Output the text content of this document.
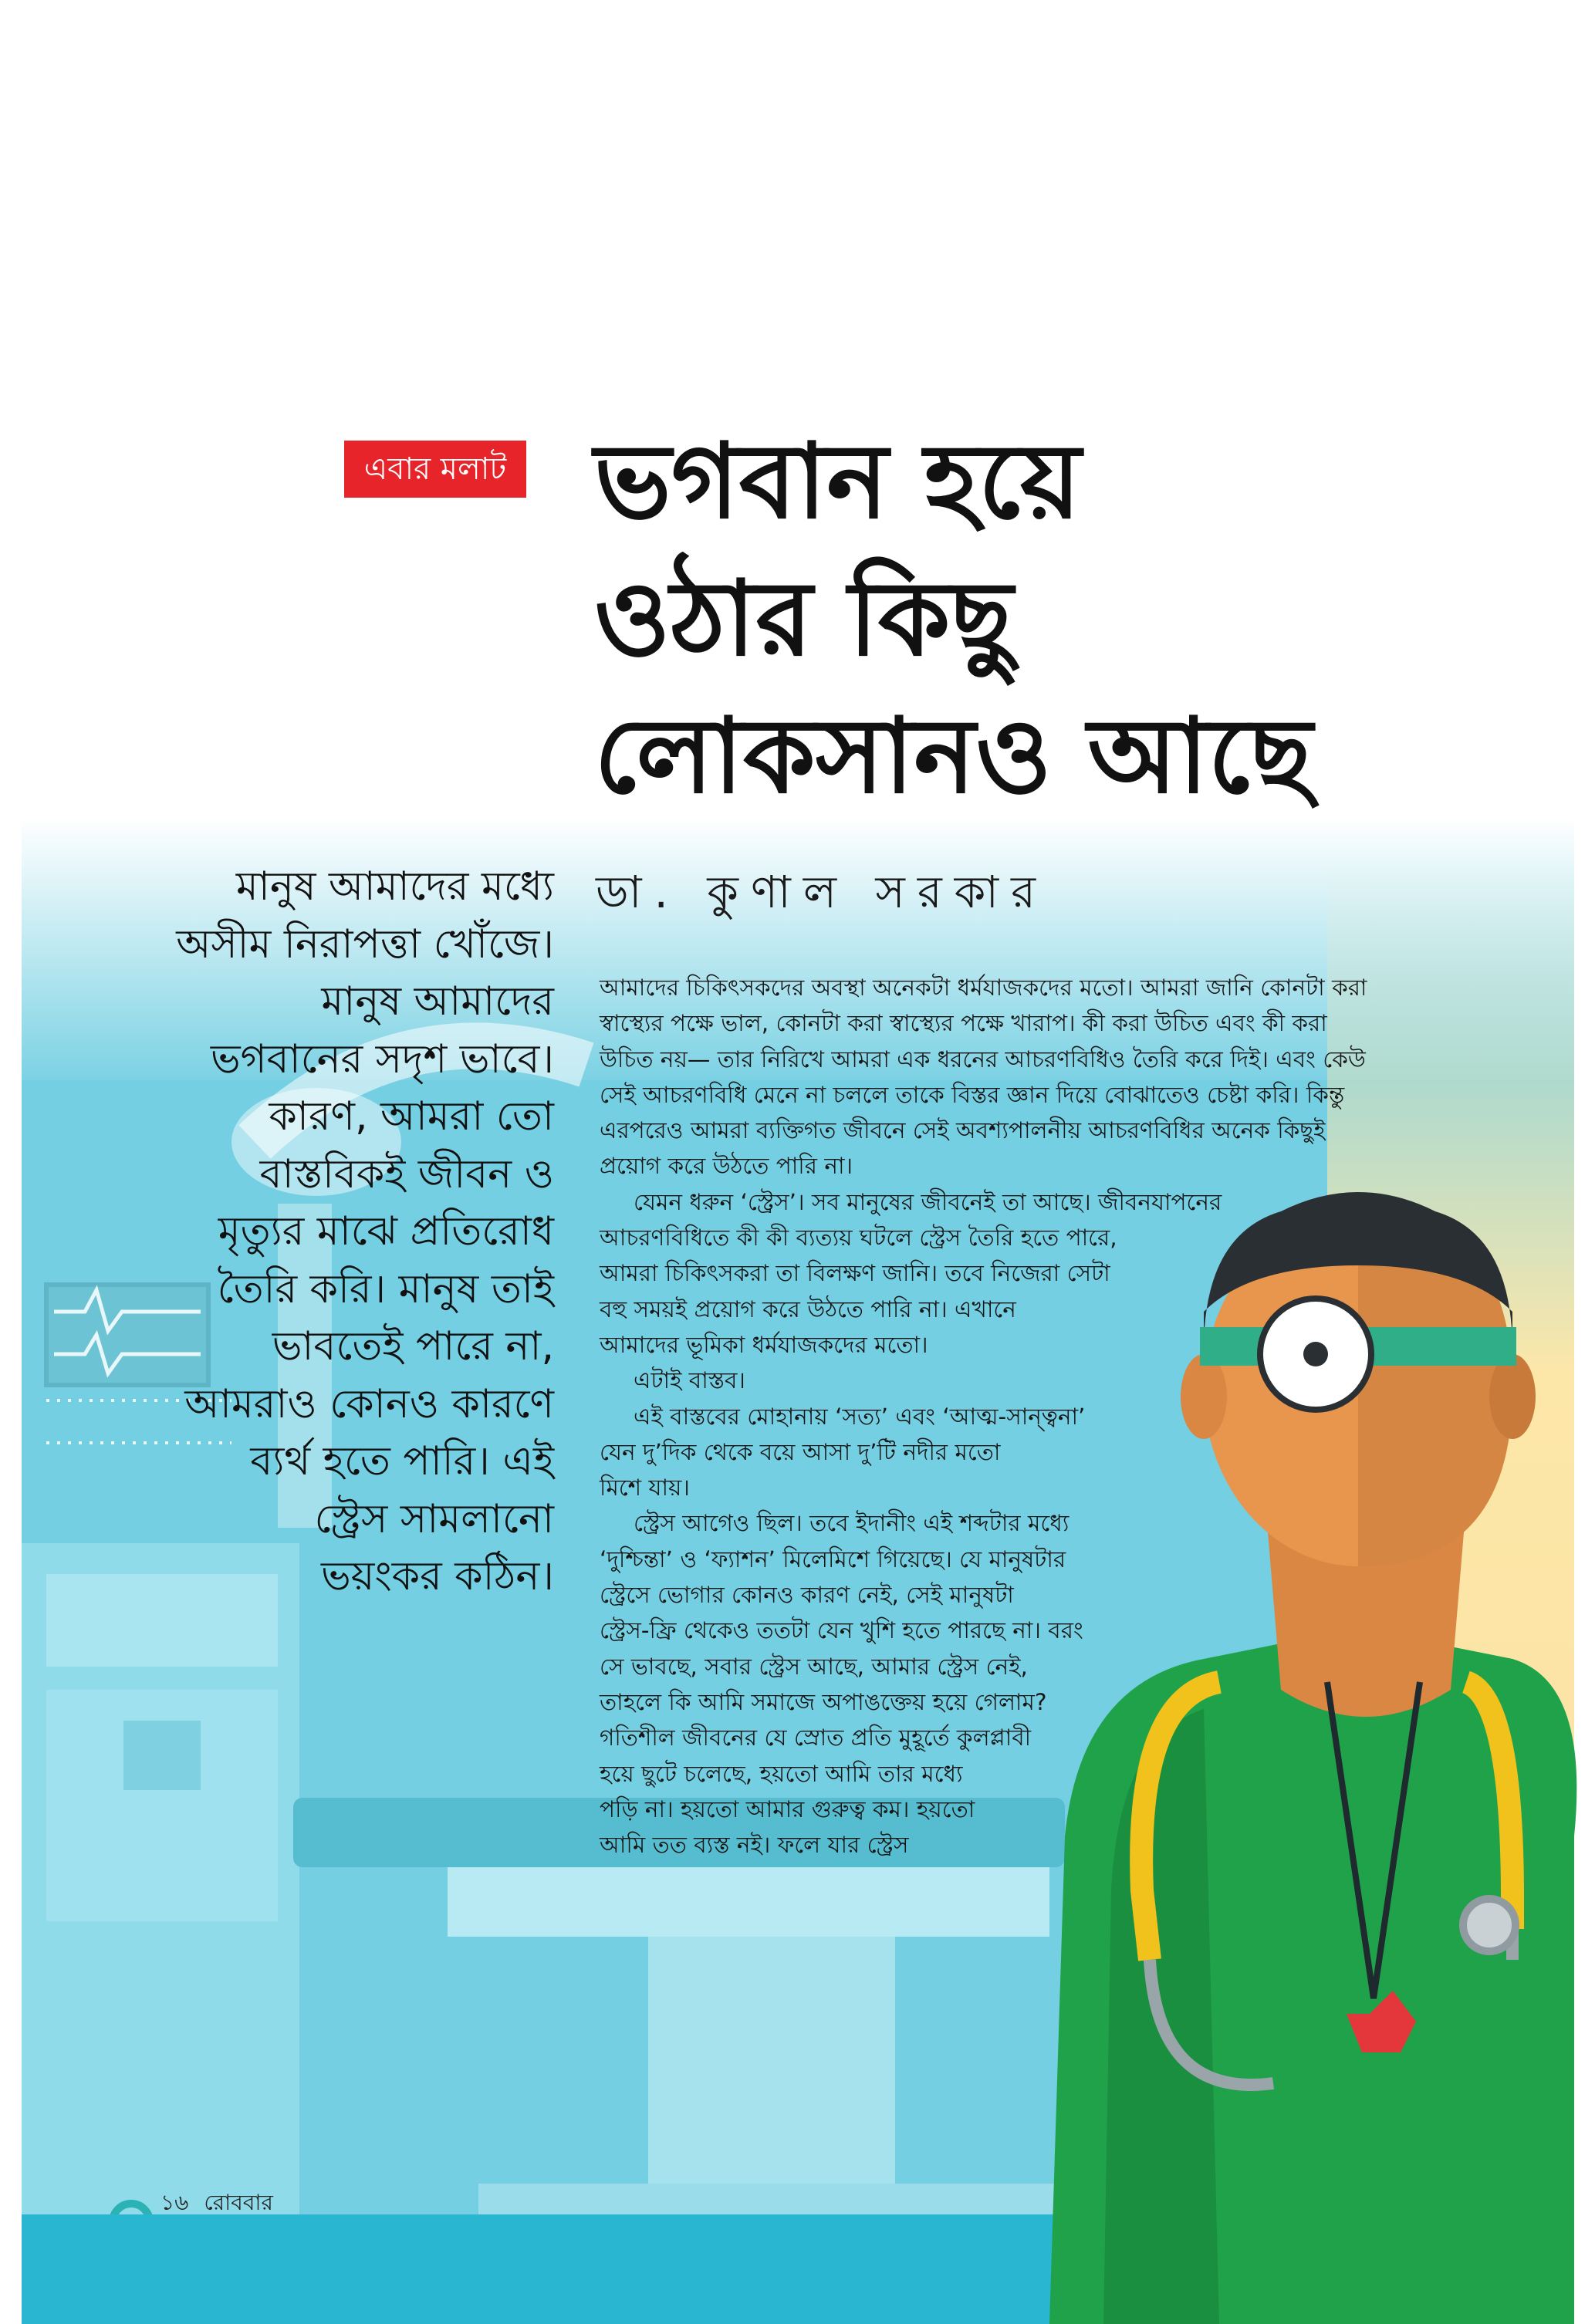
এবার মলাট ভগবান হয়ে
ওঠার কিছু
লোকসানও আছে
ডা. কুণাল সরকার
মানুষ আমাদের মধ্যে
অসীম নিরাপত্তা খোঁজে।
মানুষ আমাদের
ভগবানের সদৃশ ভাবে।
কারণ, আমরা তো
বাস্তবিকই জীবন ও
মৃত্যুর মাঝে প্রতিরোধ
তৈরি করি। মানুষ তাই
ভাবতেই পারে না,
আমরাও কোনও কারণে
ব্যর্থ হতে পারি। এই
স্ট্রেস সামলানো
ভয়ংকর কঠিন।
আমাদের চিকিৎসকদের অবস্থা অনেকটা ধর্মযাজকদের মতো। আমরা জানি কোনটা করা
স্বাস্থ্যের পক্ষে ভাল, কোনটা করা স্বাস্থ্যের পক্ষে খারাপ। কী করা উচিত এবং কী করা
উচিত নয়— তার নিরিখে আমরা এক ধরনের আচরণবিধিও তৈরি করে দিই। এবং কেউ
সেই আচরণবিধি মেনে না চললে তাকে বিস্তর জ্ঞান দিয়ে বোঝাতেও চেষ্টা করি। কিন্তু
এরপরেও আমরা ব্যক্তিগত জীবনে সেই অবশ্যপালনীয় আচরণবিধির অনেক কিছুই
প্রয়োগ করে উঠতে পারি না।
যেমন ধরুন ‘স্ট্রেস’। সব মানুষের জীবনেই তা আছে। জীবনযাপনের
আচরণবিধিতে কী কী ব্যত্যয় ঘটলে স্ট্রেস তৈরি হতে পারে,
আমরা চিকিৎসকরা তা বিলক্ষণ জানি। তবে নিজেরা সেটা
বহু সময়ই প্রয়োগ করে উঠতে পারি না। এখানে
আমাদের ভূমিকা ধর্মযাজকদের মতো।
এটাই বাস্তব।
এই বাস্তবের মোহানায় ‘সত্য’ এবং ‘আত্ম-সান্ত্বনা’
যেন দু’দিক থেকে বয়ে আসা দু’টি নদীর মতো
মিশে যায়।
স্ট্রেস আগেও ছিল। তবে ইদানীং এই শব্দটার মধ্যে
‘দুশ্চিন্তা’ ও ‘ফ্যাশন’ মিলেমিশে গিয়েছে। যে মানুষটার
স্ট্রেসে ভোগার কোনও কারণ নেই, সেই মানুষটা
স্ট্রেস-ফ্রি থেকেও ততটা যেন খুশি হতে পারছে না। বরং
সে ভাবছে, সবার স্ট্রেস আছে, আমার স্ট্রেস নেই,
তাহলে কি আমি সমাজে অপাঙক্তেয় হয়ে গেলাম?
গতিশীল জীবনের যে স্রোত প্রতি মুহূর্তে কুলপ্লাবী
হয়ে ছুটে চলেছে, হয়তো আমি তার মধ্যে
পড়ি না। হয়তো আমার গুরুত্ব কম। হয়তো
আমি তত ব্যস্ত নই। ফলে যার স্ট্রেস
১৬ রোববার
